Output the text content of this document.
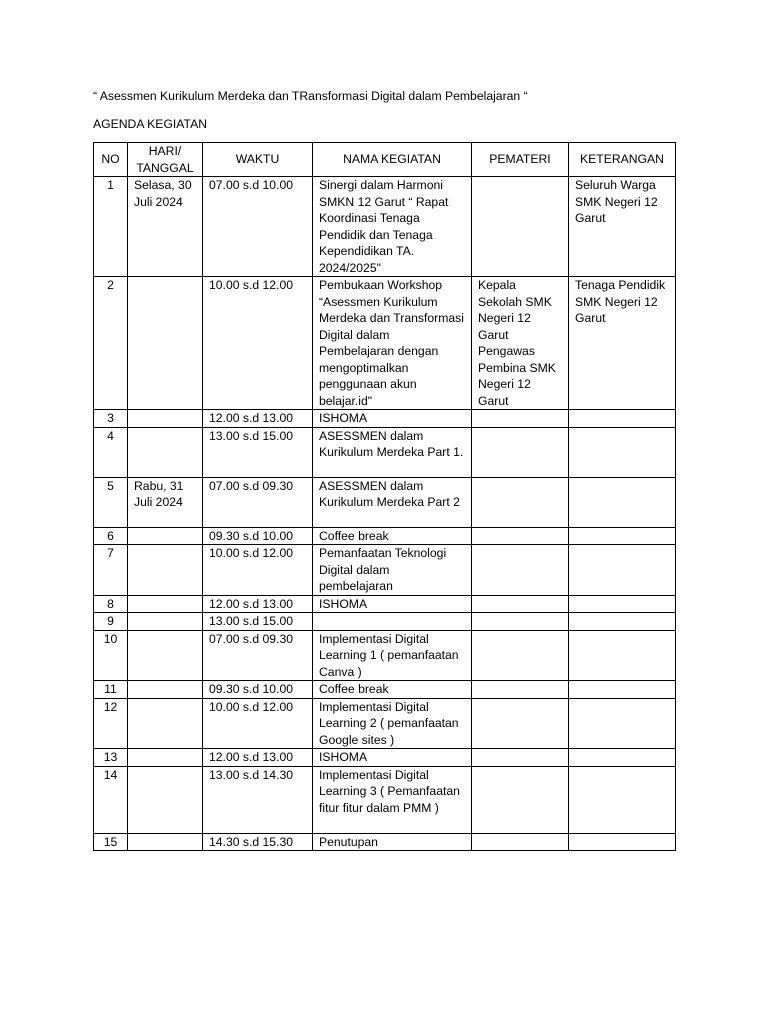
“ Asessmen Kurikulum Merdeka dan TRansformasi Digital dalam Pembelajaran “
AGENDA KEGIATAN
NO	HARI/ TANGGAL	WAKTU	NAMA KEGIATAN	PEMATERI	KETERANGAN
1	Selasa, 30 Juli 2024	07.00 s.d 10.00	Sinergi dalam Harmoni SMKN 12 Garut “ Rapat Koordinasi Tenaga Pendidik dan Tenaga Kependidikan TA. 2024/2025"		Seluruh Warga SMK Negeri 12 Garut
2		10.00 s.d 12.00	Pembukaan Workshop “Asessmen Kurikulum Merdeka dan Transformasi Digital dalam Pembelajaran dengan mengoptimalkan penggunaan akun belajar.id"	Kepala Sekolah SMK Negeri 12 Garut Pengawas Pembina SMK Negeri 12 Garut	Tenaga Pendidik SMK Negeri 12 Garut
3		12.00 s.d 13.00	ISHOMA		
4		13.00 s.d 15.00	ASESSMEN dalam Kurikulum Merdeka Part 1.		
5	Rabu, 31 Juli 2024	07.00 s.d 09.30	ASESSMEN dalam Kurikulum Merdeka Part 2		
6		09.30 s.d 10.00	Coffee break		
7		10.00 s.d 12.00	Pemanfaatan Teknologi Digital dalam pembelajaran		
8		12.00 s.d 13.00	ISHOMA		
9		13.00 s.d 15.00			
10		07.00 s.d 09.30	Implementasi Digital Learning 1 ( pemanfaatan Canva )		
11		09.30 s.d 10.00	Coffee break		
12		10.00 s.d 12.00	Implementasi Digital Learning 2 ( pemanfaatan Google sites )		
13		12.00 s.d 13.00	ISHOMA		
14		13.00 s.d 14.30	Implementasi Digital Learning 3 ( Pemanfaatan fitur fitur dalam PMM )		
15		14.30 s.d 15.30	Penutupan		
